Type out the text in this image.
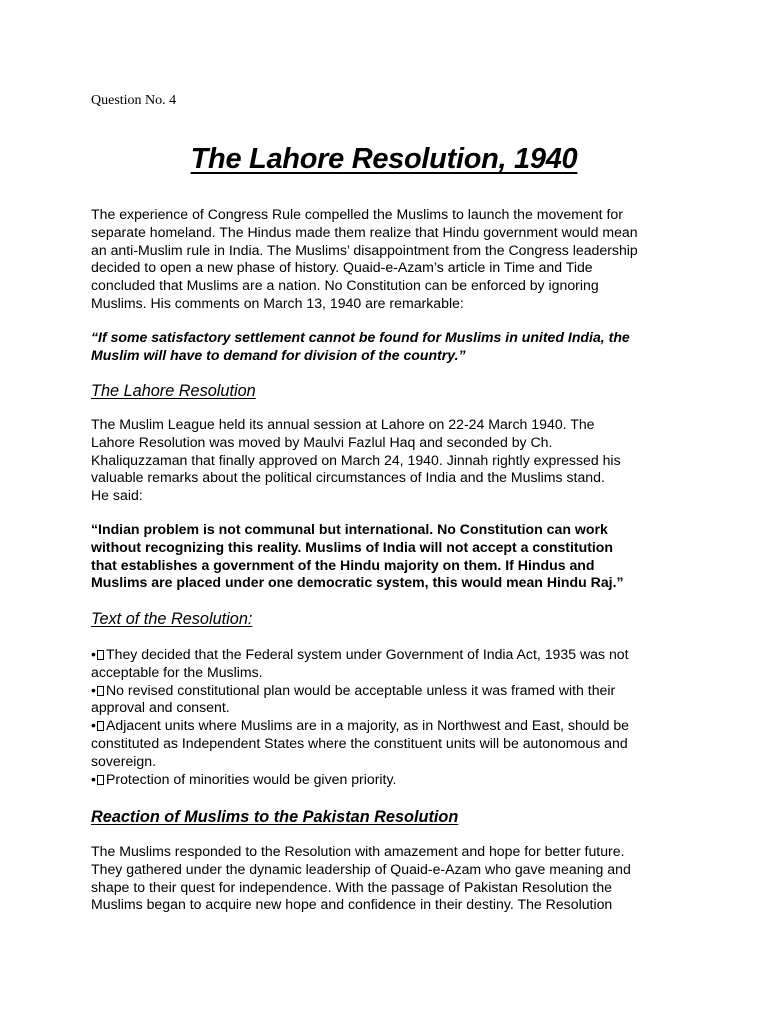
Question No. 4
The Lahore Resolution, 1940
The experience of Congress Rule compelled the Muslims to launch the movement for
separate homeland. The Hindus made them realize that Hindu government would mean
an anti-Muslim rule in India. The Muslims’ disappointment from the Congress leadership
decided to open a new phase of history. Quaid-e-Azam’s article in Time and Tide
concluded that Muslims are a nation. No Constitution can be enforced by ignoring
Muslims. His comments on March 13, 1940 are remarkable:
“If some satisfactory settlement cannot be found for Muslims in united India, the
Muslim will have to demand for division of the country.”
The Lahore Resolution
The Muslim League held its annual session at Lahore on 22-24 March 1940. The
Lahore Resolution was moved by Maulvi Fazlul Haq and seconded by Ch.
Khaliquzzaman that finally approved on March 24, 1940. Jinnah rightly expressed his
valuable remarks about the political circumstances of India and the Muslims stand.
He said:
“Indian problem is not communal but international. No Constitution can work
without recognizing this reality. Muslims of India will not accept a constitution
that establishes a government of the Hindu majority on them. If Hindus and
Muslims are placed under one democratic system, this would mean Hindu Raj.”
Text of the Resolution:
• They decided that the Federal system under Government of India Act, 1935 was not
acceptable for the Muslims.
• No revised constitutional plan would be acceptable unless it was framed with their
approval and consent.
• Adjacent units where Muslims are in a majority, as in Northwest and East, should be
constituted as Independent States where the constituent units will be autonomous and
sovereign.
• Protection of minorities would be given priority.
Reaction of Muslims to the Pakistan Resolution
The Muslims responded to the Resolution with amazement and hope for better future.
They gathered under the dynamic leadership of Quaid-e-Azam who gave meaning and
shape to their quest for independence. With the passage of Pakistan Resolution the
Muslims began to acquire new hope and confidence in their destiny. The Resolution
